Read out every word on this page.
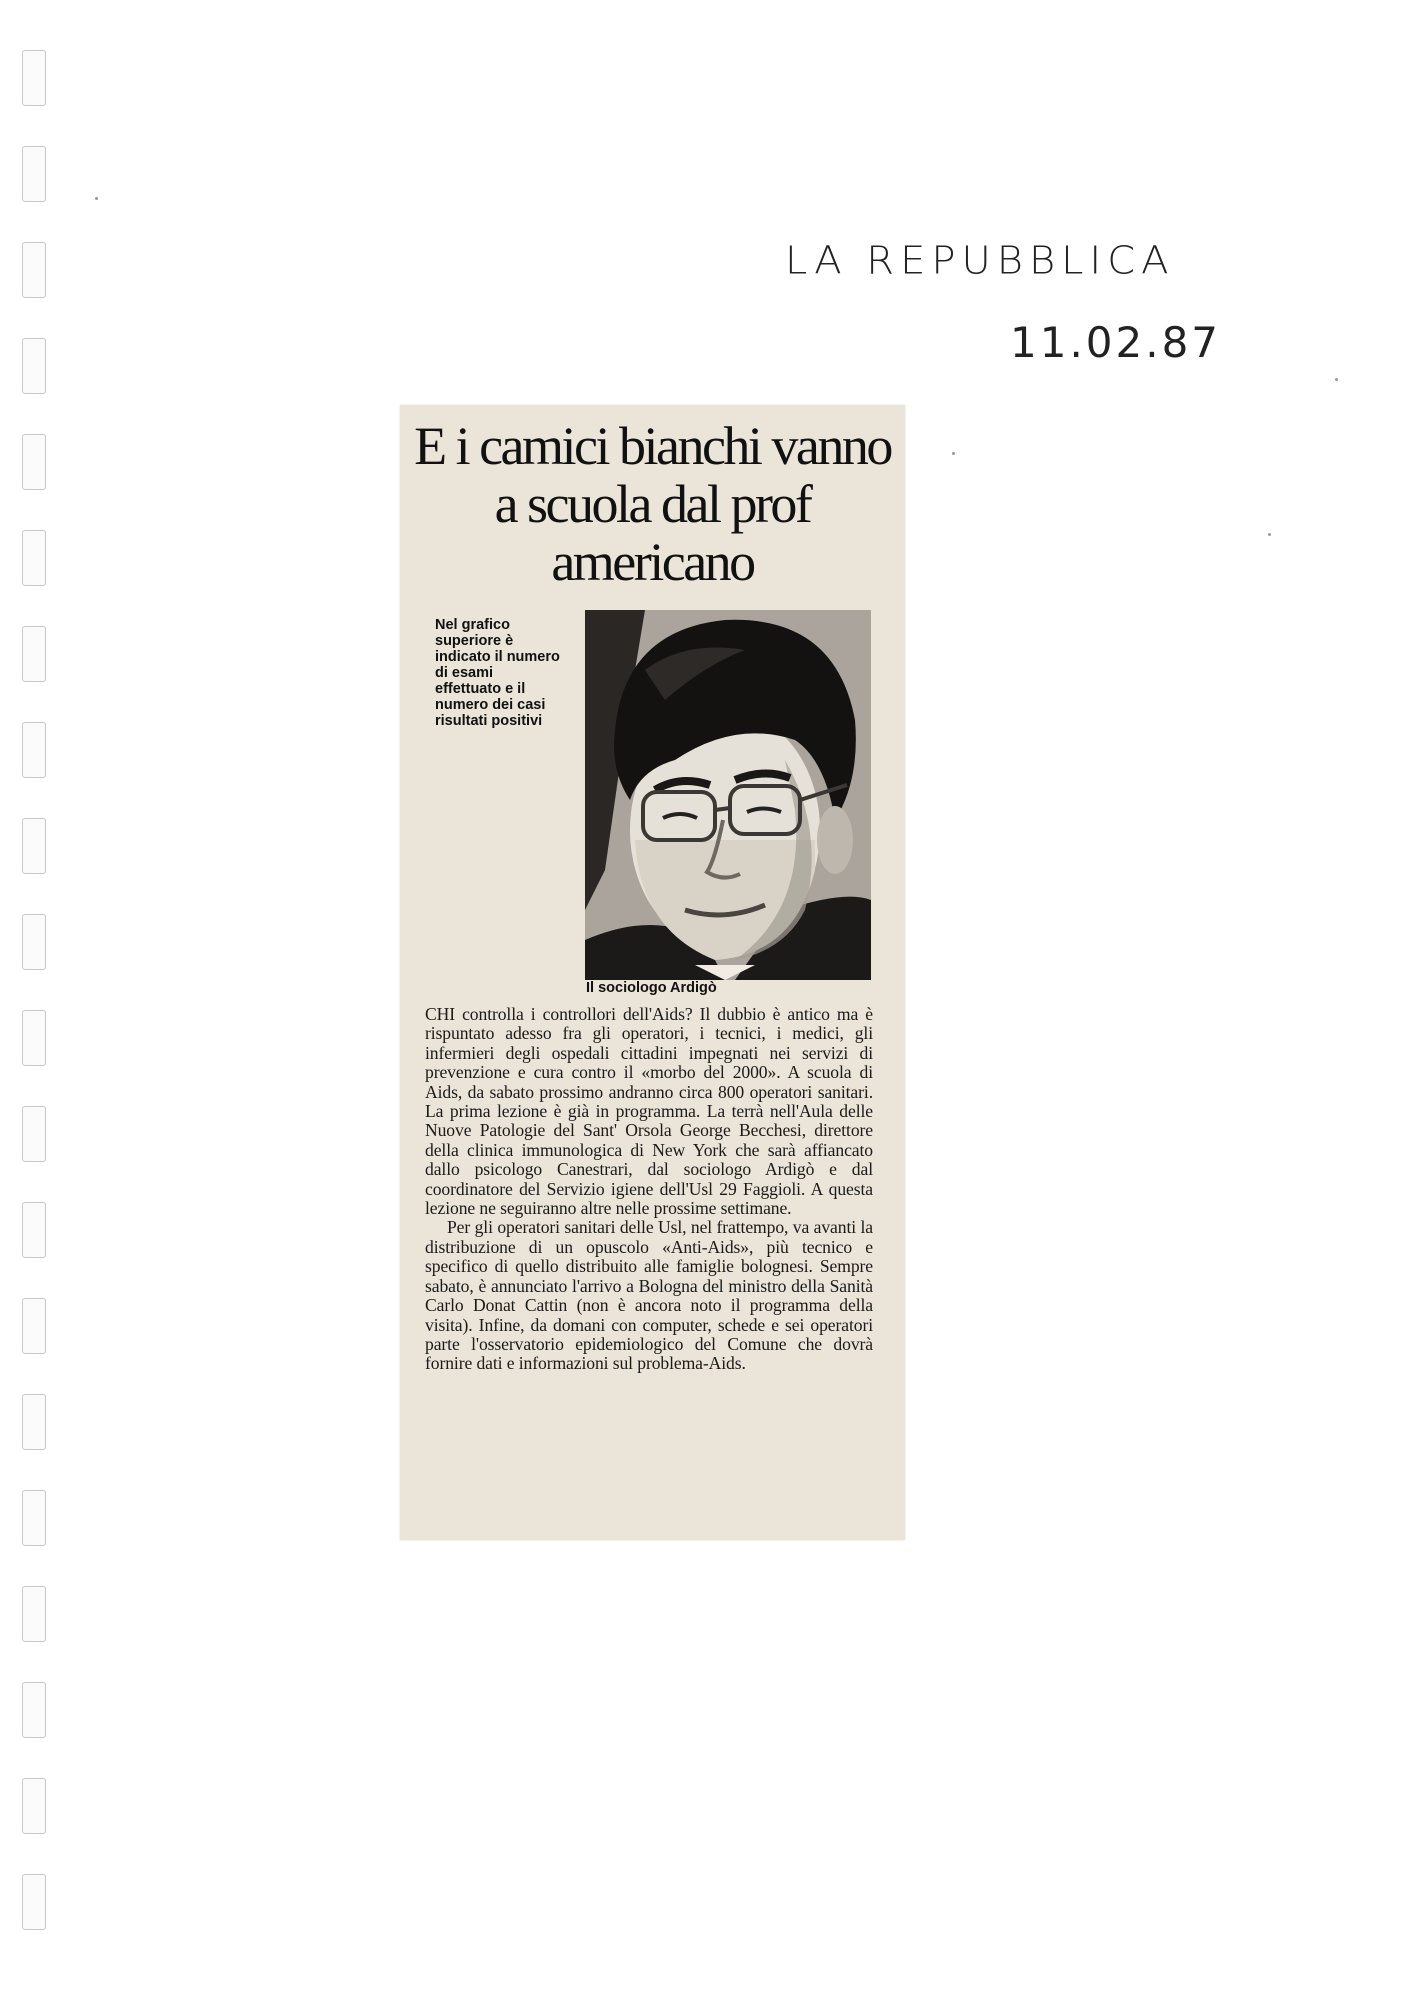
LA REPUBBLICA
11.02.87
E i camici bianchi vanno a scuola dal prof americano
Nel grafico superiore è indicato il numero di esami effettuato e il numero dei casi risultati positivi
Il sociologo Ardigò

CHI controlla i controllori dell'Aids? Il dubbio è antico ma è rispuntato adesso fra gli operatori, i tecnici, i medici, gli infermieri degli ospedali cittadini impegnati nei servizi di prevenzione e cura contro il «morbo del 2000». A scuola di Aids, da sabato prossimo andranno circa 800 operatori sanitari. La prima lezione è già in programma. La terrà nell'Aula delle Nuove Patologie del Sant' Orsola George Becchesi, direttore della clinica immunologica di New York che sarà affiancato dallo psicologo Canestrari, dal sociologo Ardigò e dal coordinatore del Servizio igiene dell'Usl 29 Faggioli. A questa lezione ne seguiranno altre nelle prossime settimane.

Per gli operatori sanitari delle Usl, nel frattempo, va avanti la distribuzione di un opuscolo «Anti-Aids», più tecnico e specifico di quello distribuito alle famiglie bolognesi. Sempre sabato, è annunciato l'arrivo a Bologna del ministro della Sanità Carlo Donat Cattin (non è ancora noto il programma della visita). Infine, da domani con computer, schede e sei operatori parte l'osservatorio epidemiologico del Comune che dovrà fornire dati e informazioni sul problema-Aids.
